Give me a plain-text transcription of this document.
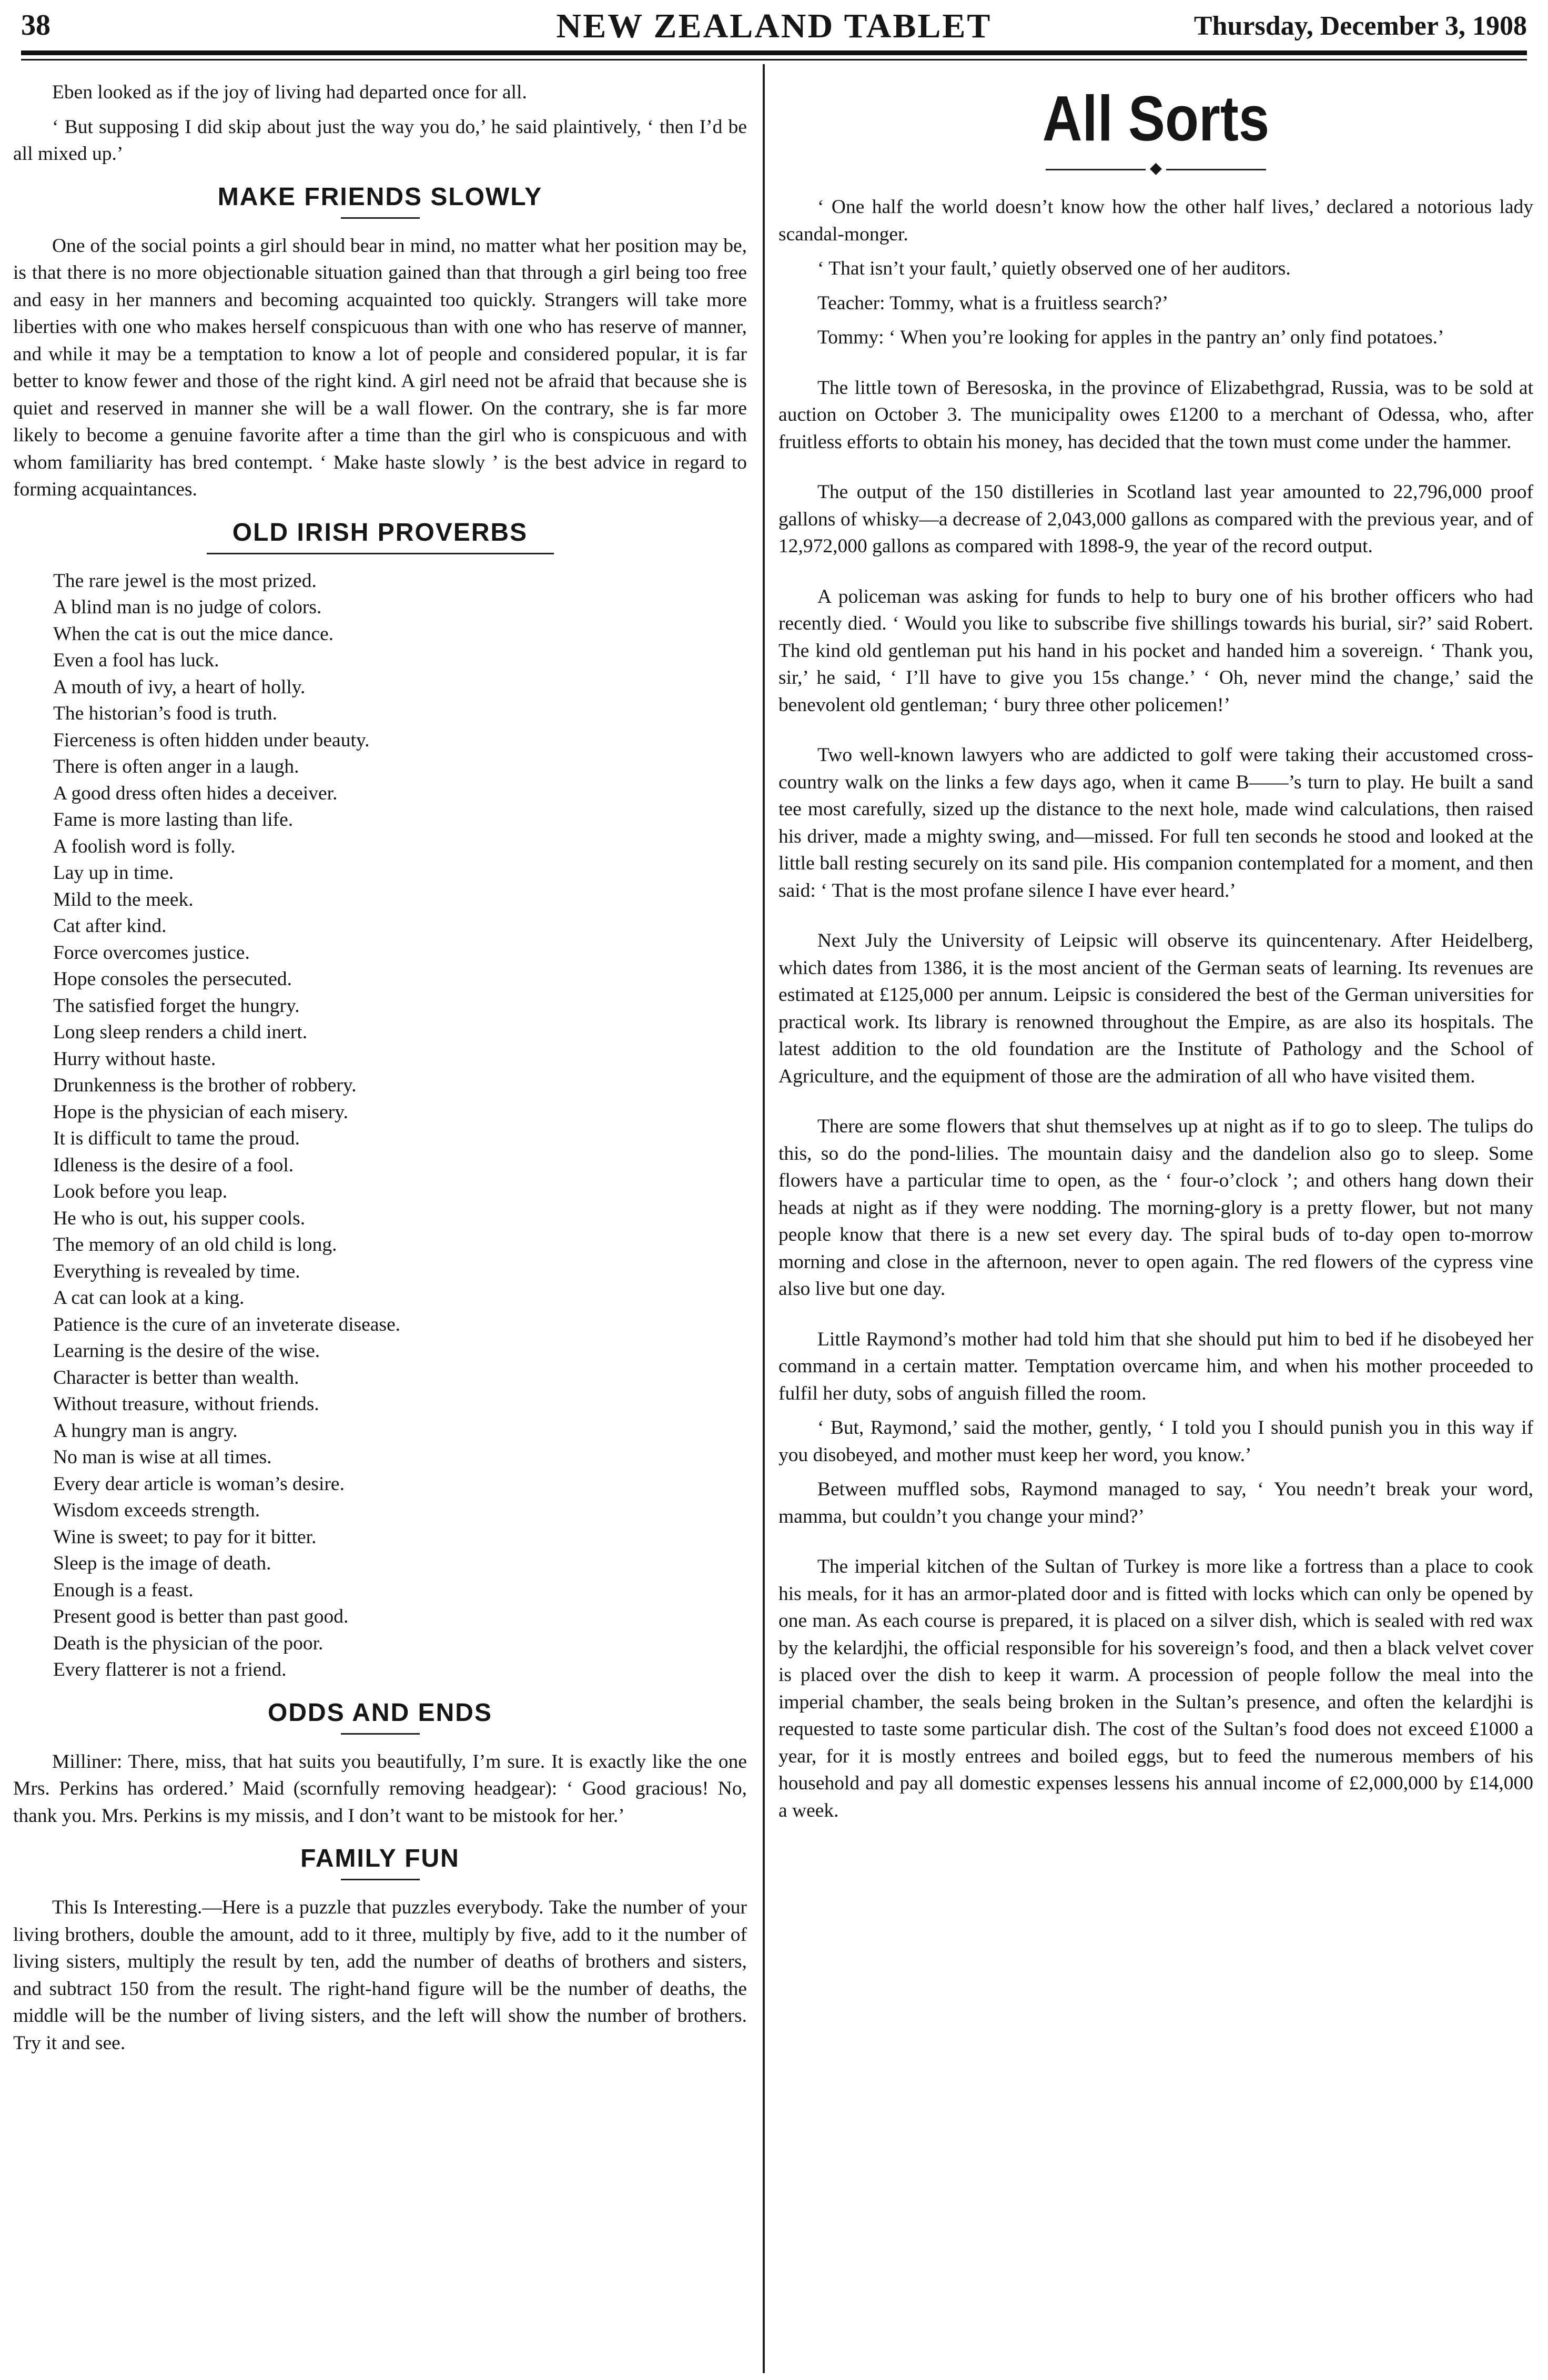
38	NEW ZEALAND TABLET	Thursday, December 3, 1908

Eben looked as if the joy of living had departed once for all.

‘ But supposing I did skip about just the way you do,’ he said plaintively, ‘ then I’d be all mixed up.’

MAKE FRIENDS SLOWLY

One of the social points a girl should bear in mind, no matter what her position may be, is that there is no more objectionable situation gained than that through a girl being too free and easy in her manners and becoming acquainted too quickly. Strangers will take more liberties with one who makes herself conspicuous than with one who has reserve of manner, and while it may be a temptation to know a lot of people and considered popular, it is far better to know fewer and those of the right kind. A girl need not be afraid that because she is quiet and reserved in manner she will be a wall flower. On the contrary, she is far more likely to become a genuine favorite after a time than the girl who is conspicuous and with whom familiarity has bred contempt. ‘ Make haste slowly ’ is the best advice in regard to forming acquaintances.

OLD IRISH PROVERBS
The rare jewel is the most prized.
A blind man is no judge of colors.
When the cat is out the mice dance.
Even a fool has luck.
A mouth of ivy, a heart of holly.
The historian’s food is truth.
Fierceness is often hidden under beauty.
There is often anger in a laugh.
A good dress often hides a deceiver.
Fame is more lasting than life.
A foolish word is folly.
Lay up in time.
Mild to the meek.
Cat after kind.
Force overcomes justice.
Hope consoles the persecuted.
The satisfied forget the hungry.
Long sleep renders a child inert.
Hurry without haste.
Drunkenness is the brother of robbery.
Hope is the physician of each misery.
It is difficult to tame the proud.
Idleness is the desire of a fool.
Look before you leap.
He who is out, his supper cools.
The memory of an old child is long.
Everything is revealed by time.
A cat can look at a king.
Patience is the cure of an inveterate disease.
Learning is the desire of the wise.
Character is better than wealth.
Without treasure, without friends.
A hungry man is angry.
No man is wise at all times.
Every dear article is woman’s desire.
Wisdom exceeds strength.
Wine is sweet; to pay for it bitter.
Sleep is the image of death.
Enough is a feast.
Present good is better than past good.
Death is the physician of the poor.
Every flatterer is not a friend.
ODDS AND ENDS

Milliner: There, miss, that hat suits you beautifully, I’m sure. It is exactly like the one Mrs. Perkins has ordered.’ Maid (scornfully removing headgear): ‘ Good gracious! No, thank you. Mrs. Perkins is my missis, and I don’t want to be mistook for her.’

FAMILY FUN

This Is Interesting.—Here is a puzzle that puzzles everybody. Take the number of your living brothers, double the amount, add to it three, multiply by five, add to it the number of living sisters, multiply the result by ten, add the number of deaths of brothers and sisters, and subtract 150 from the result. The right-hand figure will be the number of deaths, the middle will be the number of living sisters, and the left will show the number of brothers. Try it and see.

All Sorts
◆

‘ One half the world doesn’t know how the other half lives,’ declared a notorious lady scandal-monger.

‘ That isn’t your fault,’ quietly observed one of her auditors.

Teacher: Tommy, what is a fruitless search?’

Tommy: ‘ When you’re looking for apples in the pantry an’ only find potatoes.’

The little town of Beresoska, in the province of Elizabethgrad, Russia, was to be sold at auction on October 3. The municipality owes £1200 to a merchant of Odessa, who, after fruitless efforts to obtain his money, has decided that the town must come under the hammer.

The output of the 150 distilleries in Scotland last year amounted to 22,796,000 proof gallons of whisky—a decrease of 2,043,000 gallons as compared with the previous year, and of 12,972,000 gallons as compared with 1898-9, the year of the record output.

A policeman was asking for funds to help to bury one of his brother officers who had recently died. ‘ Would you like to subscribe five shillings towards his burial, sir?’ said Robert. The kind old gentleman put his hand in his pocket and handed him a sovereign. ‘ Thank you, sir,’ he said, ‘ I’ll have to give you 15s change.’ ‘ Oh, never mind the change,’ said the benevolent old gentleman; ‘ bury three other policemen!’

Two well-known lawyers who are addicted to golf were taking their accustomed cross-country walk on the links a few days ago, when it came B——’s turn to play. He built a sand tee most carefully, sized up the distance to the next hole, made wind calculations, then raised his driver, made a mighty swing, and—missed. For full ten seconds he stood and looked at the little ball resting securely on its sand pile. His companion contemplated for a moment, and then said: ‘ That is the most profane silence I have ever heard.’

Next July the University of Leipsic will observe its quincentenary. After Heidelberg, which dates from 1386, it is the most ancient of the German seats of learning. Its revenues are estimated at £125,000 per annum. Leipsic is considered the best of the German universities for practical work. Its library is renowned throughout the Empire, as are also its hospitals. The latest addition to the old foundation are the Institute of Pathology and the School of Agriculture, and the equipment of those are the admiration of all who have visited them.

There are some flowers that shut themselves up at night as if to go to sleep. The tulips do this, so do the pond-lilies. The mountain daisy and the dandelion also go to sleep. Some flowers have a particular time to open, as the ‘ four-o’clock ’; and others hang down their heads at night as if they were nodding. The morning-glory is a pretty flower, but not many people know that there is a new set every day. The spiral buds of to-day open to-morrow morning and close in the afternoon, never to open again. The red flowers of the cypress vine also live but one day.

Little Raymond’s mother had told him that she should put him to bed if he disobeyed her command in a certain matter. Temptation overcame him, and when his mother proceeded to fulfil her duty, sobs of anguish filled the room.

‘ But, Raymond,’ said the mother, gently, ‘ I told you I should punish you in this way if you disobeyed, and mother must keep her word, you know.’

Between muffled sobs, Raymond managed to say, ‘ You needn’t break your word, mamma, but couldn’t you change your mind?’

The imperial kitchen of the Sultan of Turkey is more like a fortress than a place to cook his meals, for it has an armor-plated door and is fitted with locks which can only be opened by one man. As each course is prepared, it is placed on a silver dish, which is sealed with red wax by the kelardjhi, the official responsible for his sovereign’s food, and then a black velvet cover is placed over the dish to keep it warm. A procession of people follow the meal into the imperial chamber, the seals being broken in the Sultan’s presence, and often the kelardjhi is requested to taste some particular dish. The cost of the Sultan’s food does not exceed £1000 a year, for it is mostly entrees and boiled eggs, but to feed the numerous members of his household and pay all domestic expenses lessens his annual income of £2,000,000 by £14,000 a week.
